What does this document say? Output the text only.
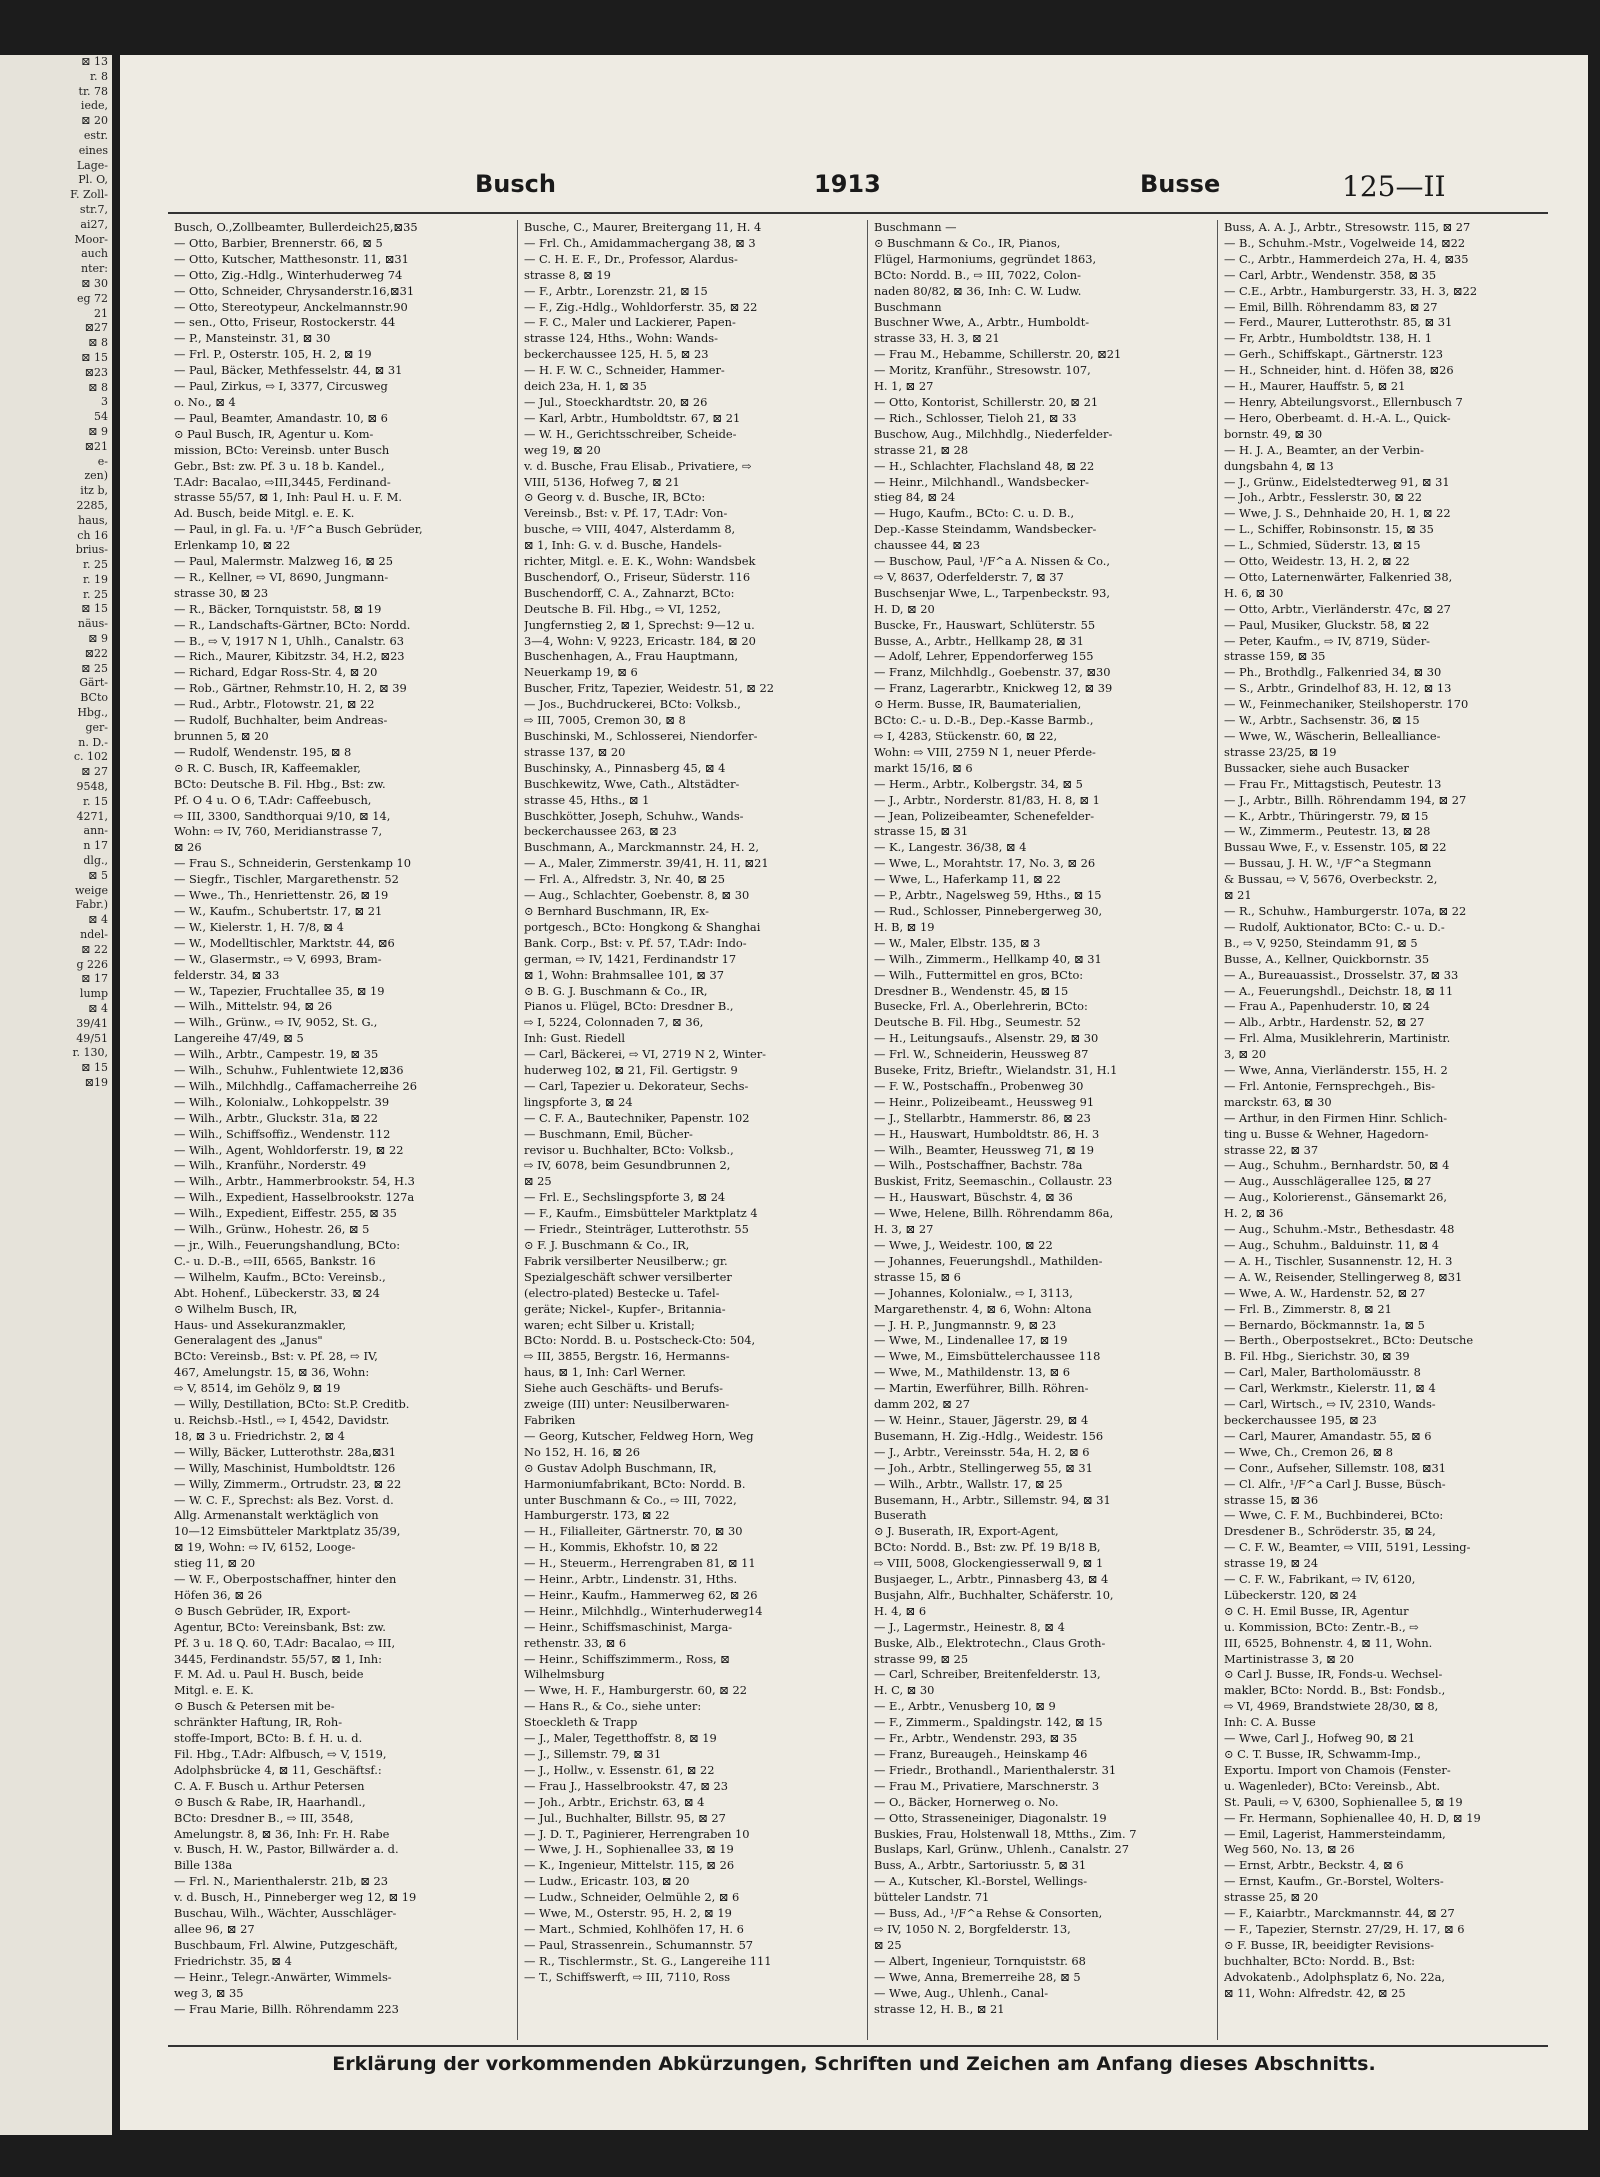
⊠ 13
r. 8
tr. 78
iede,
⊠ 20
estr.
eines
Lage-
Pl. O,
F. Zoll-
str.7,
ai27,
Moor-
auch
nter:
⊠ 30
eg 72
21
⊠27
⊠ 8
⊠ 15
⊠23
⊠ 8
3
54
⊠ 9
⊠21
e-
zen)
itz b,
2285,
haus,
ch 16
brius-
r. 25
r. 19
r. 25
⊠ 15
näus-
⊠ 9
⊠22
⊠ 25
Gärt-
BCto
Hbg.,
ger-
n. D.-
c. 102
⊠ 27
9548,
r. 15
4271,
ann-
n 17
dlg.,
⊠ 5
weige
Fabr.)
⊠ 4
ndel-
⊠ 22
g 226
⊠ 17
lump
⊠ 4
39/41
49/51
r. 130,
⊠ 15
⊠19
Busch	1913	Busse	125—II
Busch, O.,Zollbeamter, Bullerdeich25,⊠35
— Otto, Barbier, Brennerstr. 66, ⊠ 5
— Otto, Kutscher, Matthesonstr. 11, ⊠31
— Otto, Zig.-Hdlg., Winterhuderweg 74
— Otto, Schneider, Chrysanderstr.16,⊠31
— Otto, Stereotypeur, Anckelmannstr.90
— sen., Otto, Friseur, Rostockerstr. 44
— P., Mansteinstr. 31, ⊠ 30
— Frl. P., Osterstr. 105, H. 2, ⊠ 19
— Paul, Bäcker, Methfesselstr. 44, ⊠ 31
— Paul, Zirkus, ⇨ I, 3377, Circusweg
o. No., ⊠ 4
— Paul, Beamter, Amandastr. 10, ⊠ 6
⊙ Paul Busch, IR, Agentur u. Kom-
mission, BCto: Vereinsb. unter Busch
Gebr., Bst: zw. Pf. 3 u. 18 b. Kandel.,
T.Adr: Bacalao, ⇨III,3445, Ferdinand-
strasse 55/57, ⊠ 1, Inh: Paul H. u. F. M.
Ad. Busch, beide Mitgl. e. E. K.
— Paul, in gl. Fa. u. ¹/F^a Busch Gebrüder,
Erlenkamp 10, ⊠ 22
— Paul, Malermstr. Malzweg 16, ⊠ 25
— R., Kellner, ⇨ VI, 8690, Jungmann-
strasse 30, ⊠ 23
— R., Bäcker, Tornquiststr. 58, ⊠ 19
— R., Landschafts-Gärtner, BCto: Nordd.
— B., ⇨ V, 1917 N 1, Uhlh., Canalstr. 63
— Rich., Maurer, Kibitzstr. 34, H.2, ⊠23
— Richard, Edgar Ross-Str. 4, ⊠ 20
— Rob., Gärtner, Rehmstr.10, H. 2, ⊠ 39
— Rud., Arbtr., Flotowstr. 21, ⊠ 22
— Rudolf, Buchhalter, beim Andreas-
brunnen 5, ⊠ 20
— Rudolf, Wendenstr. 195, ⊠ 8
⊙ R. C. Busch, IR, Kaffeemakler,
BCto: Deutsche B. Fil. Hbg., Bst: zw.
Pf. O 4 u. O 6, T.Adr: Caffeebusch,
⇨ III, 3300, Sandthorquai 9/10, ⊠ 14,
Wohn: ⇨ IV, 760, Meridianstrasse 7,
⊠ 26
— Frau S., Schneiderin, Gerstenkamp 10
— Siegfr., Tischler, Margarethenstr. 52
— Wwe., Th., Henriettenstr. 26, ⊠ 19
— W., Kaufm., Schubertstr. 17, ⊠ 21
— W., Kielerstr. 1, H. 7/8, ⊠ 4
— W., Modelltischler, Marktstr. 44, ⊠6
— W., Glasermstr., ⇨ V, 6993, Bram-
felderstr. 34, ⊠ 33
— W., Tapezier, Fruchtallee 35, ⊠ 19
— Wilh., Mittelstr. 94, ⊠ 26
— Wilh., Grünw., ⇨ IV, 9052, St. G.,
Langereihe 47/49, ⊠ 5
— Wilh., Arbtr., Campestr. 19, ⊠ 35
— Wilh., Schuhw., Fuhlentwiete 12,⊠36
— Wilh., Milchhdlg., Caffamacherreihe 26
— Wilh., Kolonialw., Lohkoppelstr. 39
— Wilh., Arbtr., Gluckstr. 31a, ⊠ 22
— Wilh., Schiffsoffiz., Wendenstr. 112
— Wilh., Agent, Wohldorferstr. 19, ⊠ 22
— Wilh., Kranführ., Norderstr. 49
— Wilh., Arbtr., Hammerbrookstr. 54, H.3
— Wilh., Expedient, Hasselbrookstr. 127a
— Wilh., Expedient, Eiffestr. 255, ⊠ 35
— Wilh., Grünw., Hohestr. 26, ⊠ 5
— jr., Wilh., Feuerungshandlung, BCto:
C.- u. D.-B., ⇨III, 6565, Bankstr. 16
— Wilhelm, Kaufm., BCto: Vereinsb.,
Abt. Hohenf., Lübeckerstr. 33, ⊠ 24
⊙ Wilhelm Busch, IR,
Haus- und Assekuranzmakler,
Generalagent des „Janus"
BCto: Vereinsb., Bst: v. Pf. 28, ⇨ IV,
467, Amelungstr. 15, ⊠ 36, Wohn:
⇨ V, 8514, im Gehölz 9, ⊠ 19
— Willy, Destillation, BCto: St.P. Creditb.
u. Reichsb.-Hstl., ⇨ I, 4542, Davidstr.
18, ⊠ 3 u. Friedrichstr. 2, ⊠ 4
— Willy, Bäcker, Lutterothstr. 28a,⊠31
— Willy, Maschinist, Humboldtstr. 126
— Willy, Zimmerm., Ortrudstr. 23, ⊠ 22
— W. C. F., Sprechst: als Bez. Vorst. d.
Allg. Armenanstalt werktäglich von
10—12 Eimsbütteler Marktplatz 35/39,
⊠ 19, Wohn: ⇨ IV, 6152, Looge-
stieg 11, ⊠ 20
— W. F., Oberpostschaffner, hinter den
Höfen 36, ⊠ 26
⊙ Busch Gebrüder, IR, Export-
Agentur, BCto: Vereinsbank, Bst: zw.
Pf. 3 u. 18 Q. 60, T.Adr: Bacalao, ⇨ III,
3445, Ferdinandstr. 55/57, ⊠ 1, Inh:
F. M. Ad. u. Paul H. Busch, beide
Mitgl. e. E. K.
⊙ Busch & Petersen mit be-
schränkter Haftung, IR, Roh-
stoffe-Import, BCto: B. f. H. u. d.
Fil. Hbg., T.Adr: Alfbusch, ⇨ V, 1519,
Adolphsbrücke 4, ⊠ 11, Geschäftsf.:
C. A. F. Busch u. Arthur Petersen
⊙ Busch & Rabe, IR, Haarhandl.,
BCto: Dresdner B., ⇨ III, 3548,
Amelungstr. 8, ⊠ 36, Inh: Fr. H. Rabe
v. Busch, H. W., Pastor, Billwärder a. d.
Bille 138a
— Frl. N., Marienthalerstr. 21b, ⊠ 23
v. d. Busch, H., Pinneberger weg 12, ⊠ 19
Buschau, Wilh., Wächter, Ausschläger-
allee 96, ⊠ 27
Buschbaum, Frl. Alwine, Putzgeschäft,
Friedrichstr. 35, ⊠ 4
— Heinr., Telegr.-Anwärter, Wimmels-
weg 3, ⊠ 35
— Frau Marie, Billh. Röhrendamm 223
Busche, C., Maurer, Breitergang 11, H. 4
— Frl. Ch., Amidammachergang 38, ⊠ 3
— C. H. E. F., Dr., Professor, Alardus-
strasse 8, ⊠ 19
— F., Arbtr., Lorenzstr. 21, ⊠ 15
— F., Zig.-Hdlg., Wohldorferstr. 35, ⊠ 22
— F. C., Maler und Lackierer, Papen-
strasse 124, Hths., Wohn: Wands-
beckerchaussee 125, H. 5, ⊠ 23
— H. F. W. C., Schneider, Hammer-
deich 23a, H. 1, ⊠ 35
— Jul., Stoeckhardtstr. 20, ⊠ 26
— Karl, Arbtr., Humboldtstr. 67, ⊠ 21
— W. H., Gerichtsschreiber, Scheide-
weg 19, ⊠ 20
v. d. Busche, Frau Elisab., Privatiere, ⇨
VIII, 5136, Hofweg 7, ⊠ 21
⊙ Georg v. d. Busche, IR, BCto:
Vereinsb., Bst: v. Pf. 17, T.Adr: Von-
busche, ⇨ VIII, 4047, Alsterdamm 8,
⊠ 1, Inh: G. v. d. Busche, Handels-
richter, Mitgl. e. E. K., Wohn: Wandsbek
Buschendorf, O., Friseur, Süderstr. 116
Buschendorff, C. A., Zahnarzt, BCto:
Deutsche B. Fil. Hbg., ⇨ VI, 1252,
Jungfernstieg 2, ⊠ 1, Sprechst: 9—12 u.
3—4, Wohn: V, 9223, Ericastr. 184, ⊠ 20
Buschenhagen, A., Frau Hauptmann,
Neuerkamp 19, ⊠ 6
Buscher, Fritz, Tapezier, Weidestr. 51, ⊠ 22
— Jos., Buchdruckerei, BCto: Volksb.,
⇨ III, 7005, Cremon 30, ⊠ 8
Buschinski, M., Schlosserei, Niendorfer-
strasse 137, ⊠ 20
Buschinsky, A., Pinnasberg 45, ⊠ 4
Buschkewitz, Wwe, Cath., Altstädter-
strasse 45, Hths., ⊠ 1
Buschkötter, Joseph, Schuhw., Wands-
beckerchaussee 263, ⊠ 23
Buschmann, A., Marckmannstr. 24, H. 2,
— A., Maler, Zimmerstr. 39/41, H. 11, ⊠21
— Frl. A., Alfredstr. 3, Nr. 40, ⊠ 25
— Aug., Schlachter, Goebenstr. 8, ⊠ 30
⊙ Bernhard Buschmann, IR, Ex-
portgesch., BCto: Hongkong & Shanghai
Bank. Corp., Bst: v. Pf. 57, T.Adr: Indo-
german, ⇨ IV, 1421, Ferdinandstr 17
⊠ 1, Wohn: Brahmsallee 101, ⊠ 37
⊙ B. G. J. Buschmann & Co., IR,
Pianos u. Flügel, BCto: Dresdner B.,
⇨ I, 5224, Colonnaden 7, ⊠ 36,
Inh: Gust. Riedell
— Carl, Bäckerei, ⇨ VI, 2719 N 2, Winter-
huderweg 102, ⊠ 21, Fil. Gertigstr. 9
— Carl, Tapezier u. Dekorateur, Sechs-
lingspforte 3, ⊠ 24
— C. F. A., Bautechniker, Papenstr. 102
— Buschmann, Emil, Bücher-
revisor u. Buchhalter, BCto: Volksb.,
⇨ IV, 6078, beim Gesundbrunnen 2,
⊠ 25
— Frl. E., Sechslingspforte 3, ⊠ 24
— F., Kaufm., Eimsbütteler Marktplatz 4
— Friedr., Steinträger, Lutterothstr. 55
⊙ F. J. Buschmann & Co., IR,
Fabrik versilberter Neusilberw.; gr.
Spezialgeschäft schwer versilberter
(electro-plated) Bestecke u. Tafel-
geräte; Nickel-, Kupfer-, Britannia-
waren; echt Silber u. Kristall;
BCto: Nordd. B. u. Postscheck-Cto: 504,
⇨ III, 3855, Bergstr. 16, Hermanns-
haus, ⊠ 1, Inh: Carl Werner.
Siehe auch Geschäfts- und Berufs-
zweige (III) unter: Neusilberwaren-
Fabriken
— Georg, Kutscher, Feldweg Horn, Weg
No 152, H. 16, ⊠ 26
⊙ Gustav Adolph Buschmann, IR,
Harmoniumfabrikant, BCto: Nordd. B.
unter Buschmann & Co., ⇨ III, 7022,
Hamburgerstr. 173, ⊠ 22
— H., Filialleiter, Gärtnerstr. 70, ⊠ 30
— H., Kommis, Ekhofstr. 10, ⊠ 22
— H., Steuerm., Herrengraben 81, ⊠ 11
— Heinr., Arbtr., Lindenstr. 31, Hths.
— Heinr., Kaufm., Hammerweg 62, ⊠ 26
— Heinr., Milchhdlg., Winterhuderweg14
— Heinr., Schiffsmaschinist, Marga-
rethenstr. 33, ⊠ 6
— Heinr., Schiffszimmerm., Ross, ⊠
Wilhelmsburg
— Wwe, H. F., Hamburgerstr. 60, ⊠ 22
— Hans R., & Co., siehe unter:
Stoeckleth & Trapp
— J., Maler, Tegetthoffstr. 8, ⊠ 19
— J., Sillemstr. 79, ⊠ 31
— J., Hollw., v. Essenstr. 61, ⊠ 22
— Frau J., Hasselbrookstr. 47, ⊠ 23
— Joh., Arbtr., Erichstr. 63, ⊠ 4
— Jul., Buchhalter, Billstr. 95, ⊠ 27
— J. D. T., Paginierer, Herrengraben 10
— Wwe, J. H., Sophienallee 33, ⊠ 19
— K., Ingenieur, Mittelstr. 115, ⊠ 26
— Ludw., Ericastr. 103, ⊠ 20
— Ludw., Schneider, Oelmühle 2, ⊠ 6
— Wwe, M., Osterstr. 95, H. 2, ⊠ 19
— Mart., Schmied, Kohlhöfen 17, H. 6
— Paul, Strassenrein., Schumannstr. 57
— R., Tischlermstr., St. G., Langereihe 111
— T., Schiffswerft, ⇨ III, 7110, Ross
Buschmann —
⊙ Buschmann & Co., IR, Pianos,
Flügel, Harmoniums, gegründet 1863,
BCto: Nordd. B., ⇨ III, 7022, Colon-
naden 80/82, ⊠ 36, Inh: C. W. Ludw.
Buschmann
Buschner Wwe, A., Arbtr., Humboldt-
strasse 33, H. 3, ⊠ 21
— Frau M., Hebamme, Schillerstr. 20, ⊠21
— Moritz, Kranführ., Stresowstr. 107,
H. 1, ⊠ 27
— Otto, Kontorist, Schillerstr. 20, ⊠ 21
— Rich., Schlosser, Tieloh 21, ⊠ 33
Buschow, Aug., Milchhdlg., Niederfelder-
strasse 21, ⊠ 28
— H., Schlachter, Flachsland 48, ⊠ 22
— Heinr., Milchhandl., Wandsbecker-
stieg 84, ⊠ 24
— Hugo, Kaufm., BCto: C. u. D. B.,
Dep.-Kasse Steindamm, Wandsbecker-
chaussee 44, ⊠ 23
— Buschow, Paul, ¹/F^a A. Nissen & Co.,
⇨ V, 8637, Oderfelderstr. 7, ⊠ 37
Buschsenjar Wwe, L., Tarpenbeckstr. 93,
H. D, ⊠ 20
Buscke, Fr., Hauswart, Schlüterstr. 55
Busse, A., Arbtr., Hellkamp 28, ⊠ 31
— Adolf, Lehrer, Eppendorferweg 155
— Franz, Milchhdlg., Goebenstr. 37, ⊠30
— Franz, Lagerarbtr., Knickweg 12, ⊠ 39
⊙ Herm. Busse, IR, Baumaterialien,
BCto: C.- u. D.-B., Dep.-Kasse Barmb.,
⇨ I, 4283, Stückenstr. 60, ⊠ 22,
Wohn: ⇨ VIII, 2759 N 1, neuer Pferde-
markt 15/16, ⊠ 6
— Herm., Arbtr., Kolbergstr. 34, ⊠ 5
— J., Arbtr., Norderstr. 81/83, H. 8, ⊠ 1
— Jean, Polizeibeamter, Schenefelder-
strasse 15, ⊠ 31
— K., Langestr. 36/38, ⊠ 4
— Wwe, L., Morahtstr. 17, No. 3, ⊠ 26
— Wwe, L., Haferkamp 11, ⊠ 22
— P., Arbtr., Nagelsweg 59, Hths., ⊠ 15
— Rud., Schlosser, Pinnebergerweg 30,
H. B, ⊠ 19
— W., Maler, Elbstr. 135, ⊠ 3
— Wilh., Zimmerm., Hellkamp 40, ⊠ 31
— Wilh., Futtermittel en gros, BCto:
Dresdner B., Wendenstr. 45, ⊠ 15
Busecke, Frl. A., Oberlehrerin, BCto:
Deutsche B. Fil. Hbg., Seumestr. 52
— H., Leitungsaufs., Alsenstr. 29, ⊠ 30
— Frl. W., Schneiderin, Heussweg 87
Buseke, Fritz, Brieftr., Wielandstr. 31, H.1
— F. W., Postschaffn., Probenweg 30
— Heinr., Polizeibeamt., Heussweg 91
— J., Stellarbtr., Hammerstr. 86, ⊠ 23
— H., Hauswart, Humboldtstr. 86, H. 3
— Wilh., Beamter, Heussweg 71, ⊠ 19
— Wilh., Postschaffner, Bachstr. 78a
Buskist, Fritz, Seemaschin., Collaustr. 23
— H., Hauswart, Büschstr. 4, ⊠ 36
— Wwe, Helene, Billh. Röhrendamm 86a,
H. 3, ⊠ 27
— Wwe, J., Weidestr. 100, ⊠ 22
— Johannes, Feuerungshdl., Mathilden-
strasse 15, ⊠ 6
— Johannes, Kolonialw., ⇨ I, 3113,
Margarethenstr. 4, ⊠ 6, Wohn: Altona
— J. H. P., Jungmannstr. 9, ⊠ 23
— Wwe, M., Lindenallee 17, ⊠ 19
— Wwe, M., Eimsbüttelerchaussee 118
— Wwe, M., Mathildenstr. 13, ⊠ 6
— Martin, Ewerführer, Billh. Röhren-
damm 202, ⊠ 27
— W. Heinr., Stauer, Jägerstr. 29, ⊠ 4
Busemann, H. Zig.-Hdlg., Weidestr. 156
— J., Arbtr., Vereinsstr. 54a, H. 2, ⊠ 6
— Joh., Arbtr., Stellingerweg 55, ⊠ 31
— Wilh., Arbtr., Wallstr. 17, ⊠ 25
Busemann, H., Arbtr., Sillemstr. 94, ⊠ 31
Buserath
⊙ J. Buserath, IR, Export-Agent,
BCto: Nordd. B., Bst: zw. Pf. 19 B/18 B,
⇨ VIII, 5008, Glockengiesserwall 9, ⊠ 1
Busjaeger, L., Arbtr., Pinnasberg 43, ⊠ 4
Busjahn, Alfr., Buchhalter, Schäferstr. 10,
H. 4, ⊠ 6
— J., Lagermstr., Heinestr. 8, ⊠ 4
Buske, Alb., Elektrotechn., Claus Groth-
strasse 99, ⊠ 25
— Carl, Schreiber, Breitenfelderstr. 13,
H. C, ⊠ 30
— E., Arbtr., Venusberg 10, ⊠ 9
— F., Zimmerm., Spaldingstr. 142, ⊠ 15
— Fr., Arbtr., Wendenstr. 293, ⊠ 35
— Franz, Bureaugeh., Heinskamp 46
— Friedr., Brothandl., Marienthalerstr. 31
— Frau M., Privatiere, Marschnerstr. 3
— O., Bäcker, Hornerweg o. No.
— Otto, Strasseneiniger, Diagonalstr. 19
Buskies, Frau, Holstenwall 18, Mtths., Zim. 7
Buslaps, Karl, Grünw., Uhlenh., Canalstr. 27
Buss, A., Arbtr., Sartoriusstr. 5, ⊠ 31
— A., Kutscher, Kl.-Borstel, Wellings-
bütteler Landstr. 71
— Buss, Ad., ¹/F^a Rehse & Consorten,
⇨ IV, 1050 N. 2, Borgfelderstr. 13,
⊠ 25
— Albert, Ingenieur, Tornquiststr. 68
— Wwe, Anna, Bremerreihe 28, ⊠ 5
— Wwe, Aug., Uhlenh., Canal-
strasse 12, H. B., ⊠ 21
Buss, A. A. J., Arbtr., Stresowstr. 115, ⊠ 27
— B., Schuhm.-Mstr., Vogelweide 14, ⊠22
— C., Arbtr., Hammerdeich 27a, H. 4, ⊠35
— Carl, Arbtr., Wendenstr. 358, ⊠ 35
— C.E., Arbtr., Hamburgerstr. 33, H. 3, ⊠22
— Emil, Billh. Röhrendamm 83, ⊠ 27
— Ferd., Maurer, Lutterothstr. 85, ⊠ 31
— Fr, Arbtr., Humboldtstr. 138, H. 1
— Gerh., Schiffskapt., Gärtnerstr. 123
— H., Schneider, hint. d. Höfen 38, ⊠26
— H., Maurer, Hauffstr. 5, ⊠ 21
— Henry, Abteilungsvorst., Ellernbusch 7
— Hero, Oberbeamt. d. H.-A. L., Quick-
bornstr. 49, ⊠ 30
— H. J. A., Beamter, an der Verbin-
dungsbahn 4, ⊠ 13
— J., Grünw., Eidelstedterweg 91, ⊠ 31
— Joh., Arbtr., Fesslerstr. 30, ⊠ 22
— Wwe, J. S., Dehnhaide 20, H. 1, ⊠ 22
— L., Schiffer, Robinsonstr. 15, ⊠ 35
— L., Schmied, Süderstr. 13, ⊠ 15
— Otto, Weidestr. 13, H. 2, ⊠ 22
— Otto, Laternenwärter, Falkenried 38,
H. 6, ⊠ 30
— Otto, Arbtr., Vierländerstr. 47c, ⊠ 27
— Paul, Musiker, Gluckstr. 58, ⊠ 22
— Peter, Kaufm., ⇨ IV, 8719, Süder-
strasse 159, ⊠ 35
— Ph., Brothdlg., Falkenried 34, ⊠ 30
— S., Arbtr., Grindelhof 83, H. 12, ⊠ 13
— W., Feinmechaniker, Steilshoperstr. 170
— W., Arbtr., Sachsenstr. 36, ⊠ 15
— Wwe, W., Wäscherin, Bellealliance-
strasse 23/25, ⊠ 19
Bussacker, siehe auch Busacker
— Frau Fr., Mittagstisch, Peutestr. 13
— J., Arbtr., Billh. Röhrendamm 194, ⊠ 27
— K., Arbtr., Thüringerstr. 79, ⊠ 15
— W., Zimmerm., Peutestr. 13, ⊠ 28
Bussau Wwe, F., v. Essenstr. 105, ⊠ 22
— Bussau, J. H. W., ¹/F^a Stegmann
& Bussau, ⇨ V, 5676, Overbeckstr. 2,
⊠ 21
— R., Schuhw., Hamburgerstr. 107a, ⊠ 22
— Rudolf, Auktionator, BCto: C.- u. D.-
B., ⇨ V, 9250, Steindamm 91, ⊠ 5
Busse, A., Kellner, Quickbornstr. 35
— A., Bureauassist., Drosselstr. 37, ⊠ 33
— A., Feuerungshdl., Deichstr. 18, ⊠ 11
— Frau A., Papenhuderstr. 10, ⊠ 24
— Alb., Arbtr., Hardenstr. 52, ⊠ 27
— Frl. Alma, Musiklehrerin, Martinistr.
3, ⊠ 20
— Wwe, Anna, Vierländerstr. 155, H. 2
— Frl. Antonie, Fernsprechgeh., Bis-
marckstr. 63, ⊠ 30
— Arthur, in den Firmen Hinr. Schlich-
ting u. Busse & Wehner, Hagedorn-
strasse 22, ⊠ 37
— Aug., Schuhm., Bernhardstr. 50, ⊠ 4
— Aug., Ausschlägerallee 125, ⊠ 27
— Aug., Kolorierenst., Gänsemarkt 26,
H. 2, ⊠ 36
— Aug., Schuhm.-Mstr., Bethesdastr. 48
— Aug., Schuhm., Balduinstr. 11, ⊠ 4
— A. H., Tischler, Susannenstr. 12, H. 3
— A. W., Reisender, Stellingerweg 8, ⊠31
— Wwe, A. W., Hardenstr. 52, ⊠ 27
— Frl. B., Zimmerstr. 8, ⊠ 21
— Bernardo, Böckmannstr. 1a, ⊠ 5
— Berth., Oberpostsekret., BCto: Deutsche
B. Fil. Hbg., Sierichstr. 30, ⊠ 39
— Carl, Maler, Bartholomäusstr. 8
— Carl, Werkmstr., Kielerstr. 11, ⊠ 4
— Carl, Wirtsch., ⇨ IV, 2310, Wands-
beckerchaussee 195, ⊠ 23
— Carl, Maurer, Amandastr. 55, ⊠ 6
— Wwe, Ch., Cremon 26, ⊠ 8
— Conr., Aufseher, Sillemstr. 108, ⊠31
— Cl. Alfr., ¹/F^a Carl J. Busse, Büsch-
strasse 15, ⊠ 36
— Wwe, C. F. M., Buchbinderei, BCto:
Dresdener B., Schröderstr. 35, ⊠ 24,
— C. F. W., Beamter, ⇨ VIII, 5191, Lessing-
strasse 19, ⊠ 24
— C. F. W., Fabrikant, ⇨ IV, 6120,
Lübeckerstr. 120, ⊠ 24
⊙ C. H. Emil Busse, IR, Agentur
u. Kommission, BCto: Zentr.-B., ⇨
III, 6525, Bohnenstr. 4, ⊠ 11, Wohn.
Martinistrasse 3, ⊠ 20
⊙ Carl J. Busse, IR, Fonds-u. Wechsel-
makler, BCto: Nordd. B., Bst: Fondsb.,
⇨ VI, 4969, Brandstwiete 28/30, ⊠ 8,
Inh: C. A. Busse
— Wwe, Carl J., Hofweg 90, ⊠ 21
⊙ C. T. Busse, IR, Schwamm-Imp.,
Exportu. Import von Chamois (Fenster-
u. Wagenleder), BCto: Vereinsb., Abt.
St. Pauli, ⇨ V, 6300, Sophienallee 5, ⊠ 19
— Fr. Hermann, Sophienallee 40, H. D, ⊠ 19
— Emil, Lagerist, Hammersteindamm,
Weg 560, No. 13, ⊠ 26
— Ernst, Arbtr., Beckstr. 4, ⊠ 6
— Ernst, Kaufm., Gr.-Borstel, Wolters-
strasse 25, ⊠ 20
— F., Kaiarbtr., Marckmannstr. 44, ⊠ 27
— F., Tapezier, Sternstr. 27/29, H. 17, ⊠ 6
⊙ F. Busse, IR, beeidigter Revisions-
buchhalter, BCto: Nordd. B., Bst:
Advokatenb., Adolphsplatz 6, No. 22a,
⊠ 11, Wohn: Alfredstr. 42, ⊠ 25
Erklärung der vorkommenden Abkürzungen, Schriften und Zeichen am Anfang dieses Abschnitts.
